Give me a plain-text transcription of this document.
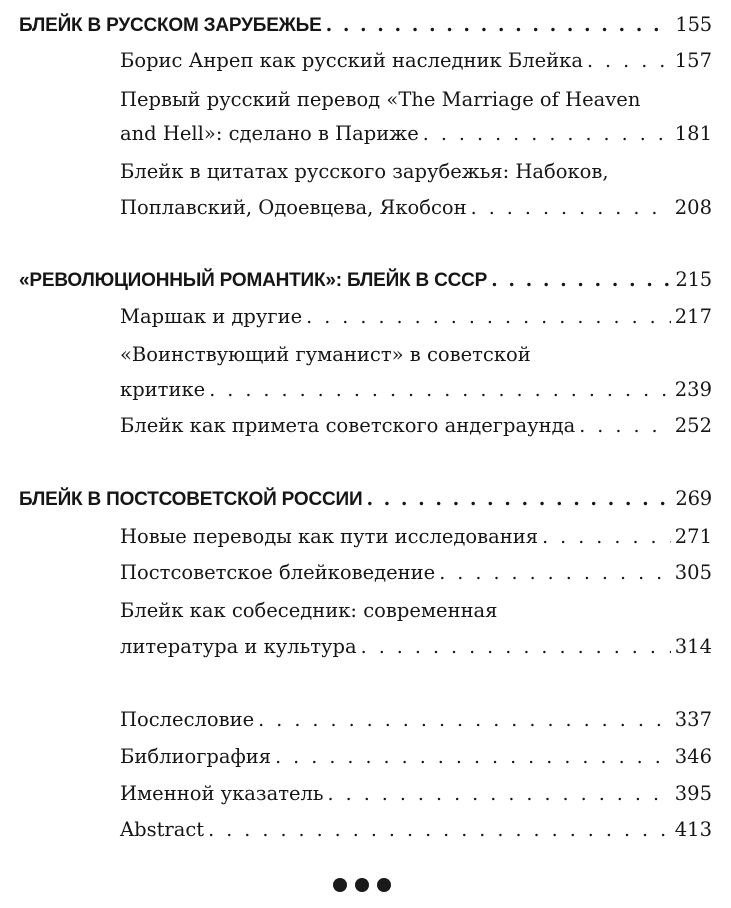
БЛЕЙК В РУССКОМ ЗАРУБЕЖЬЕ . . .	155
Борис Анреп как русский наследник Блейка . . .	157
Первый русский перевод «The Marriage of Heaven
and Hell»: сделано в Париже . . .	181
Блейк в цитатах русского зарубежья: Набоков,
Поплавский, Одоевцева, Якобсон . . .	208
«РЕВОЛЮЦИОННЫЙ РОМАНТИК»: БЛЕЙК В СССР . . .	215
Маршак и другие . . .	217
«Воинствующий гуманист» в советской
критике . . .	239
Блейк как примета советского андеграунда . . .	252
БЛЕЙК В ПОСТСОВЕТСКОЙ РОССИИ . . .	269
Новые переводы как пути исследования . . .	271
Постсоветское блейковедение . . .	305
Блейк как собеседник: современная
литература и культура . . .	314
Послесловие . . .	337
Библиография . . .	346
Именной указатель . . .	395
Abstract . . .	413
